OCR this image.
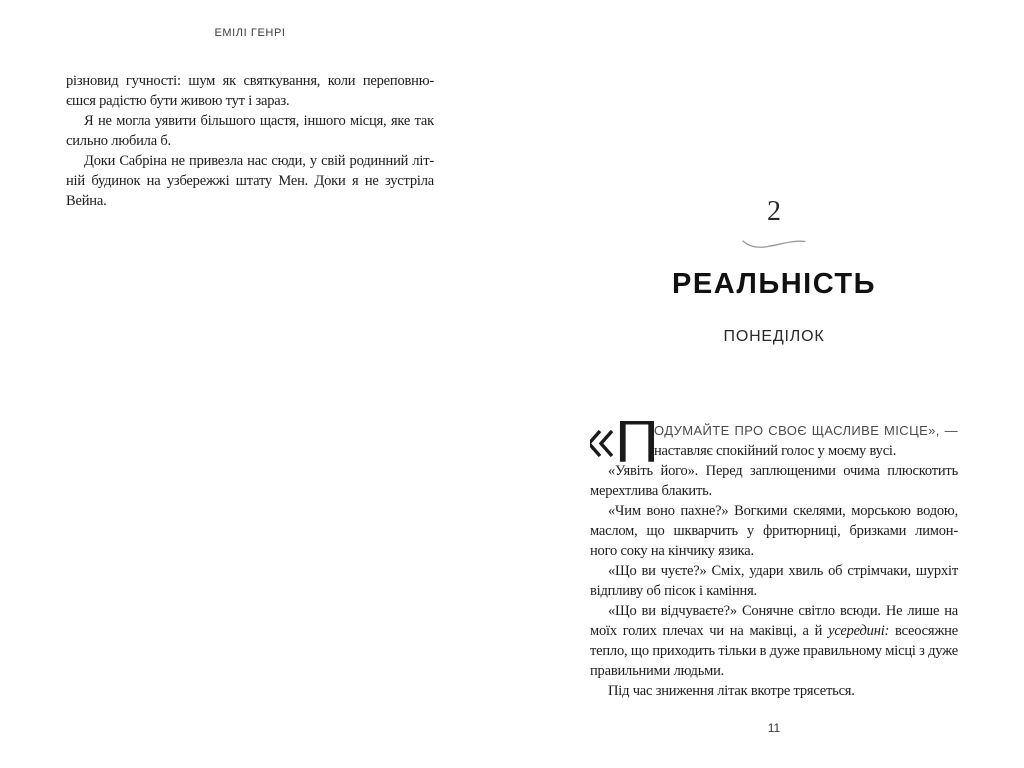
ЕМІЛІ ГЕНРІ
різновид гучності: шум як святкування, коли переповню-
єшся радістю бути живою тут і зараз.
Я не могла уявити більшого щастя, іншого місця, яке так
сильно любила б.
Доки Сабріна не привезла нас сюди, у свій родинний літ-
ній будинок на узбережжі штату Мен. Доки я не зустріла
Вейна.	2
РЕАЛЬНІСТЬ
ПОНЕДІЛОК
П
ОДУМАЙТЕ ПРО СВОЄ ЩАСЛИВЕ МІСЦЕ», —
наставляє спокійний голос у моєму вусі.
«Уявіть його». Перед заплющеними очима плюскотить
мерехтлива блакить.
«Чим воно пахне?» Вогкими скелями, морською водою,
маслом, що шкварчить у фритюрниці, бризками лимон-
ного соку на кінчику язика.
«Що ви чуєте?» Сміх, удари хвиль об стрімчаки, шурхіт
відпливу об пісок і каміння.
«Що ви відчуваєте?» Сонячне світло всюди. Не лише на
моїх голих плечах чи на маківці, а й усередині: всеосяжне
тепло, що приходить тільки в дуже правильному місці з дуже
правильними людьми.
Під час зниження літак вкотре трясеться.
11
